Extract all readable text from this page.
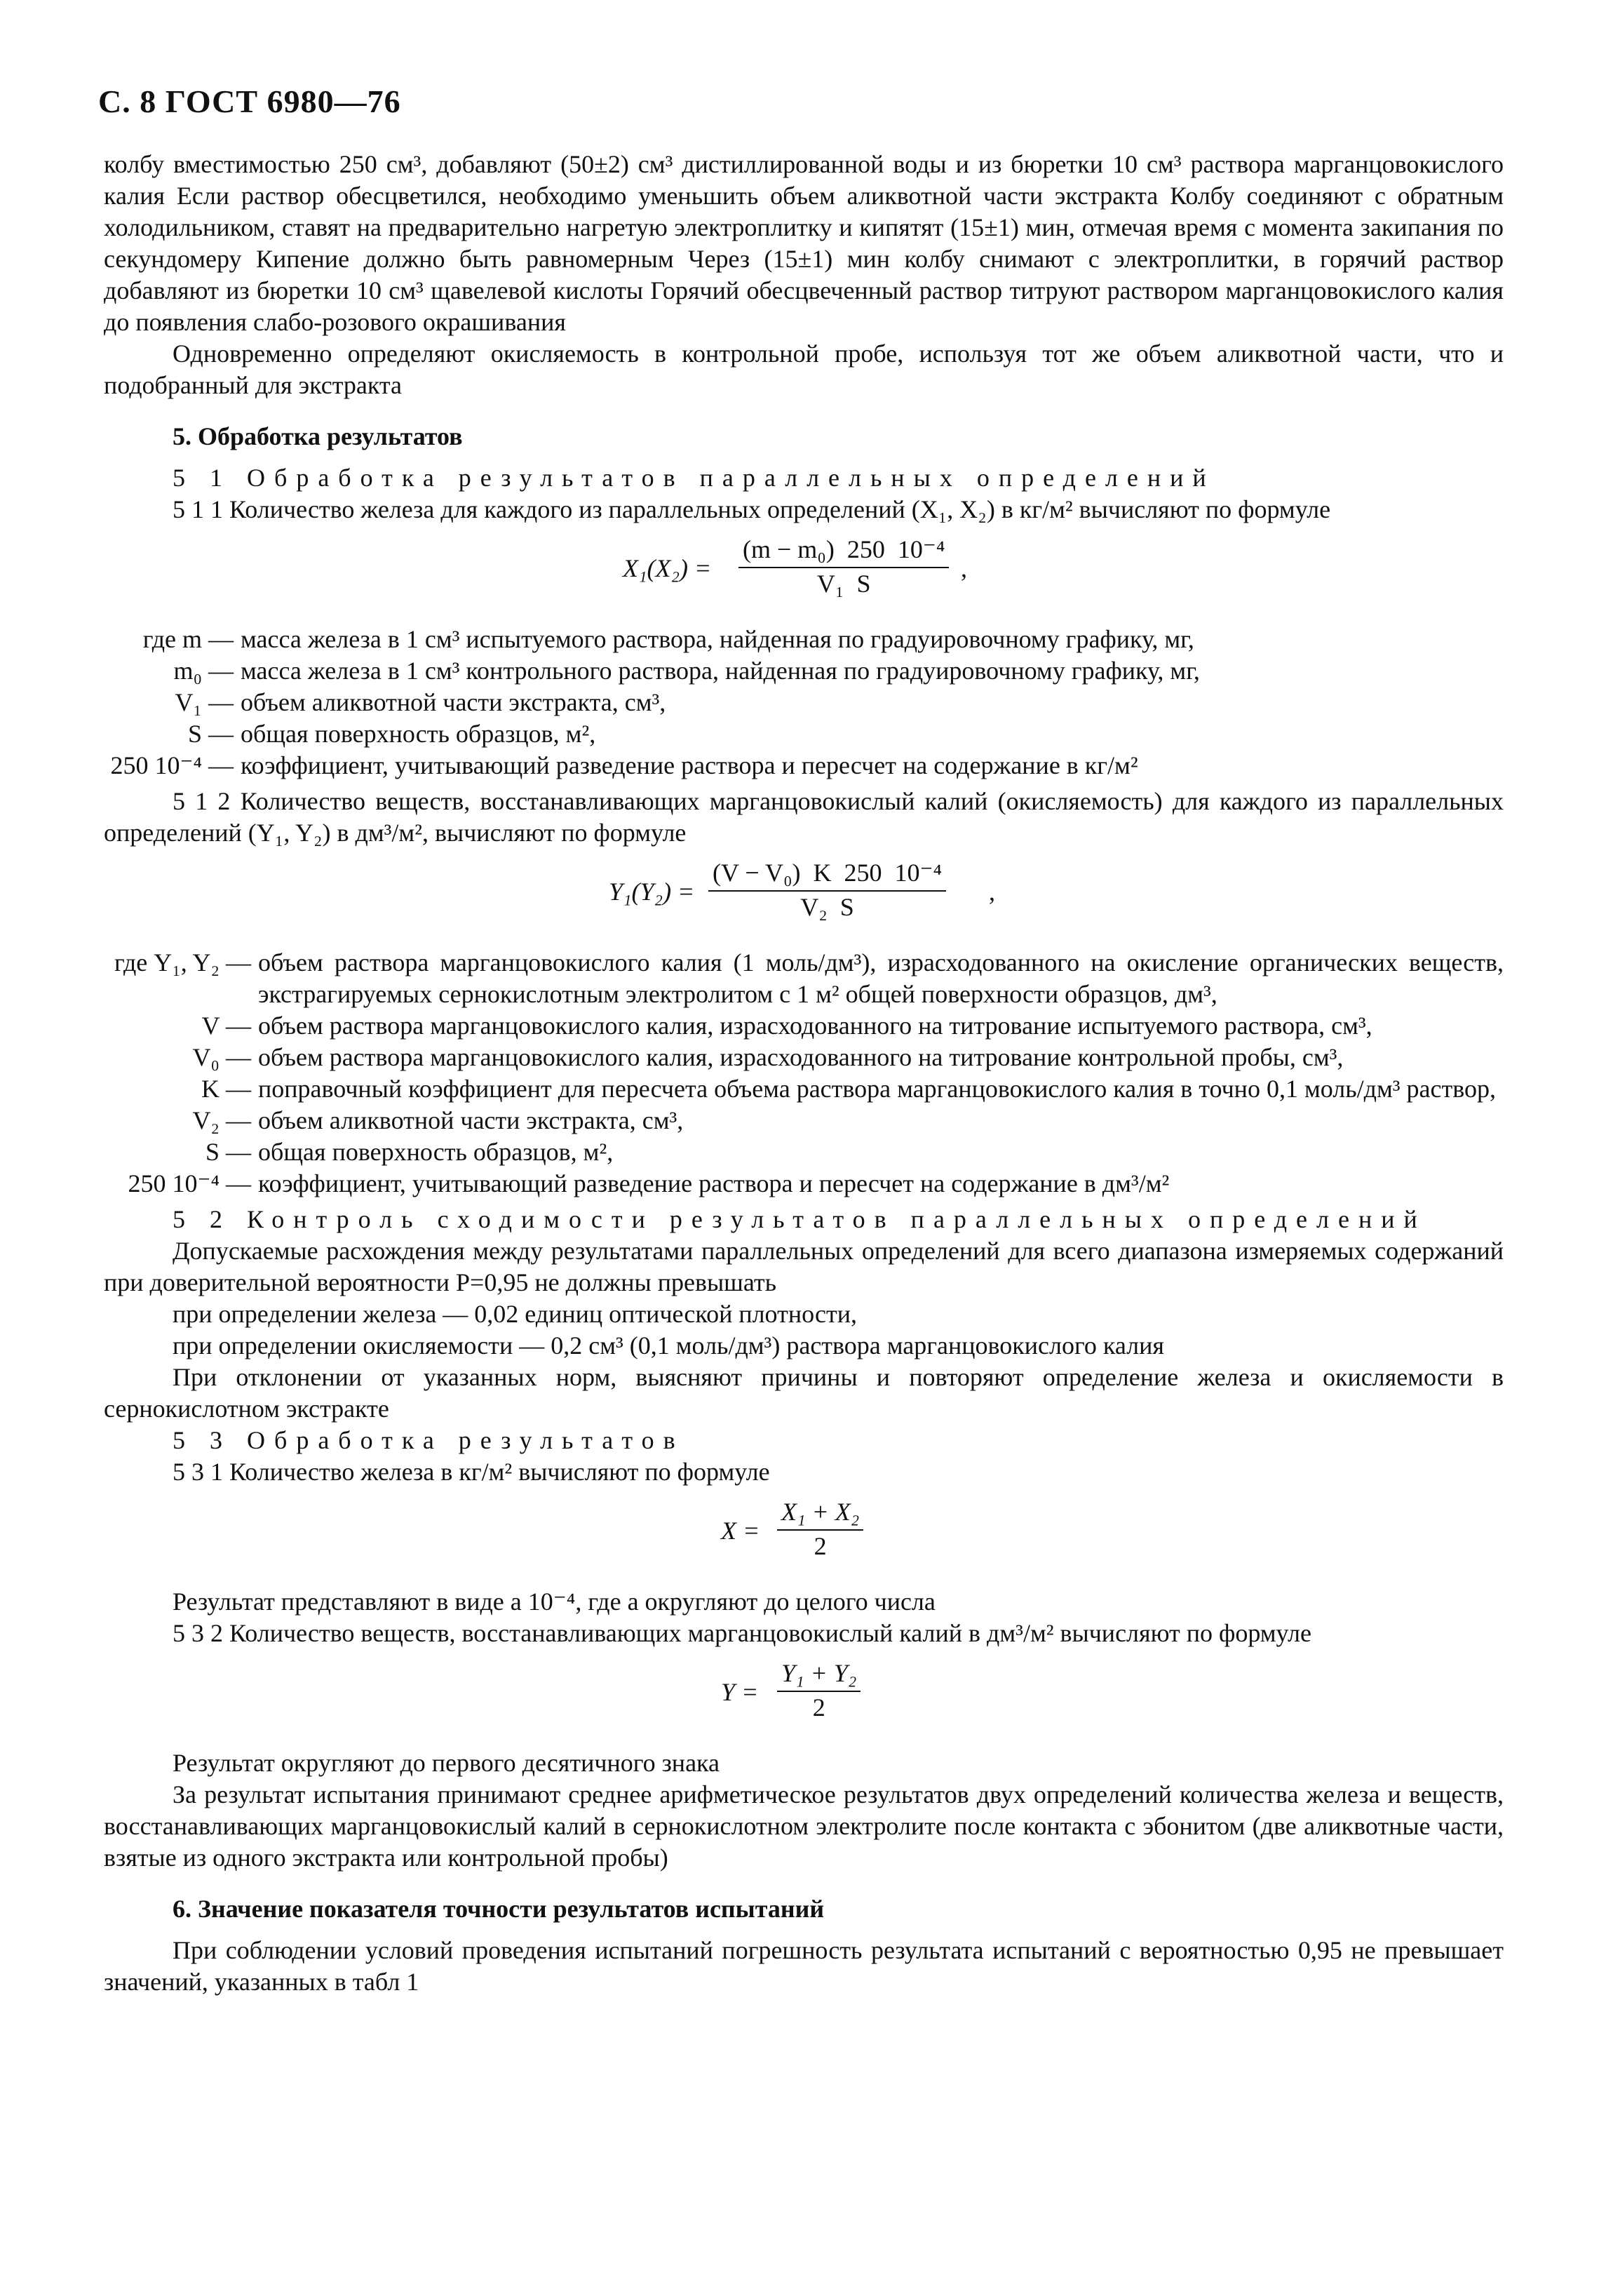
С. 8 ГОСТ 6980—76

колбу вместимостью 250 см³, добавляют (50±2) см³ дистиллированной воды и из бюретки 10 см³ раствора марганцовокислого калия Если раствор обесцветился, необходимо уменьшить объем аликвотной части экстракта Колбу соединяют с обратным холодильником, ставят на предварительно нагретую электроплитку и кипятят (15±1) мин, отмечая время с момента закипания по секундомеру Кипение должно быть равномерным Через (15±1) мин колбу снимают с электроплитки, в горячий раствор добавляют из бюретки 10 см³ щавелевой кислоты Горячий обесцвеченный раствор титруют раствором марганцовокислого калия до появления слабо-розового окрашивания

Одновременно определяют окисляемость в контрольной пробе, используя тот же объем аликвотной части, что и подобранный для экстракта

5. Обработка результатов

5 1 Обработка результатов параллельных определений

5 1 1 Количество железа для каждого из параллельных определений (X₁, X₂) в кг/м² вычисляют по формуле

X₁(X₂) =
(m − m₀)  250  10⁻⁴
V₁  S
,
где m — масса железа в 1 см³ испытуемого раствора, найденная по градуировочному графику, мг,
m₀ — масса железа в 1 см³ контрольного раствора, найденная по градуировочному графику, мг,
V₁ — объем аликвотной части экстракта, см³,
S — общая поверхность образцов, м²,
250 10⁻⁴ — коэффициент, учитывающий разведение раствора и пересчет на содержание в кг/м²

5 1 2 Количество веществ, восстанавливающих марганцовокислый калий (окисляемость) для каждого из параллельных определений (Y₁, Y₂) в дм³/м², вычисляют по формуле

Y₁(Y₂) =
(V − V₀)  K  250  10⁻⁴
V₂  S
,
где Y₁, Y₂ — объем раствора марганцовокислого калия (1 моль/дм³), израсходованного на окисление органических веществ, экстрагируемых сернокислотным электролитом с 1 м² общей поверхности образцов, дм³,
V — объем раствора марганцовокислого калия, израсходованного на титрование испытуемого раствора, см³,
V₀ — объем раствора марганцовокислого калия, израсходованного на титрование контрольной пробы, см³,
K — поправочный коэффициент для пересчета объема раствора марганцовокислого калия в точно 0,1 моль/дм³ раствор,
V₂ — объем аликвотной части экстракта, см³,
S — общая поверхность образцов, м²,
250 10⁻⁴ — коэффициент, учитывающий разведение раствора и пересчет на содержание в дм³/м²

5 2 Контроль сходимости результатов параллельных определений

Допускаемые расхождения между результатами параллельных определений для всего диапазона измеряемых содержаний при доверительной вероятности P=0,95 не должны превышать

при определении железа — 0,02 единиц оптической плотности,

при определении окисляемости — 0,2 см³ (0,1 моль/дм³) раствора марганцовокислого калия

При отклонении от указанных норм, выясняют причины и повторяют определение железа и окисляемости в сернокислотном экстракте

5 3 Обработка результатов

5 3 1 Количество железа в кг/м² вычисляют по формуле

X =
X₁ + X₂
2

Результат представляют в виде a 10⁻⁴, где a округляют до целого числа

5 3 2 Количество веществ, восстанавливающих марганцовокислый калий в дм³/м² вычисляют по формуле

Y =
Y₁ + Y₂
2

Результат округляют до первого десятичного знака

За результат испытания принимают среднее арифметическое результатов двух определений количества железа и веществ, восстанавливающих марганцовокислый калий в сернокислотном электролите после контакта с эбонитом (две аликвотные части, взятые из одного экстракта или контрольной пробы)

6. Значение показателя точности результатов испытаний

При соблюдении условий проведения испытаний погрешность результата испытаний с вероятностью 0,95 не превышает значений, указанных в табл 1
